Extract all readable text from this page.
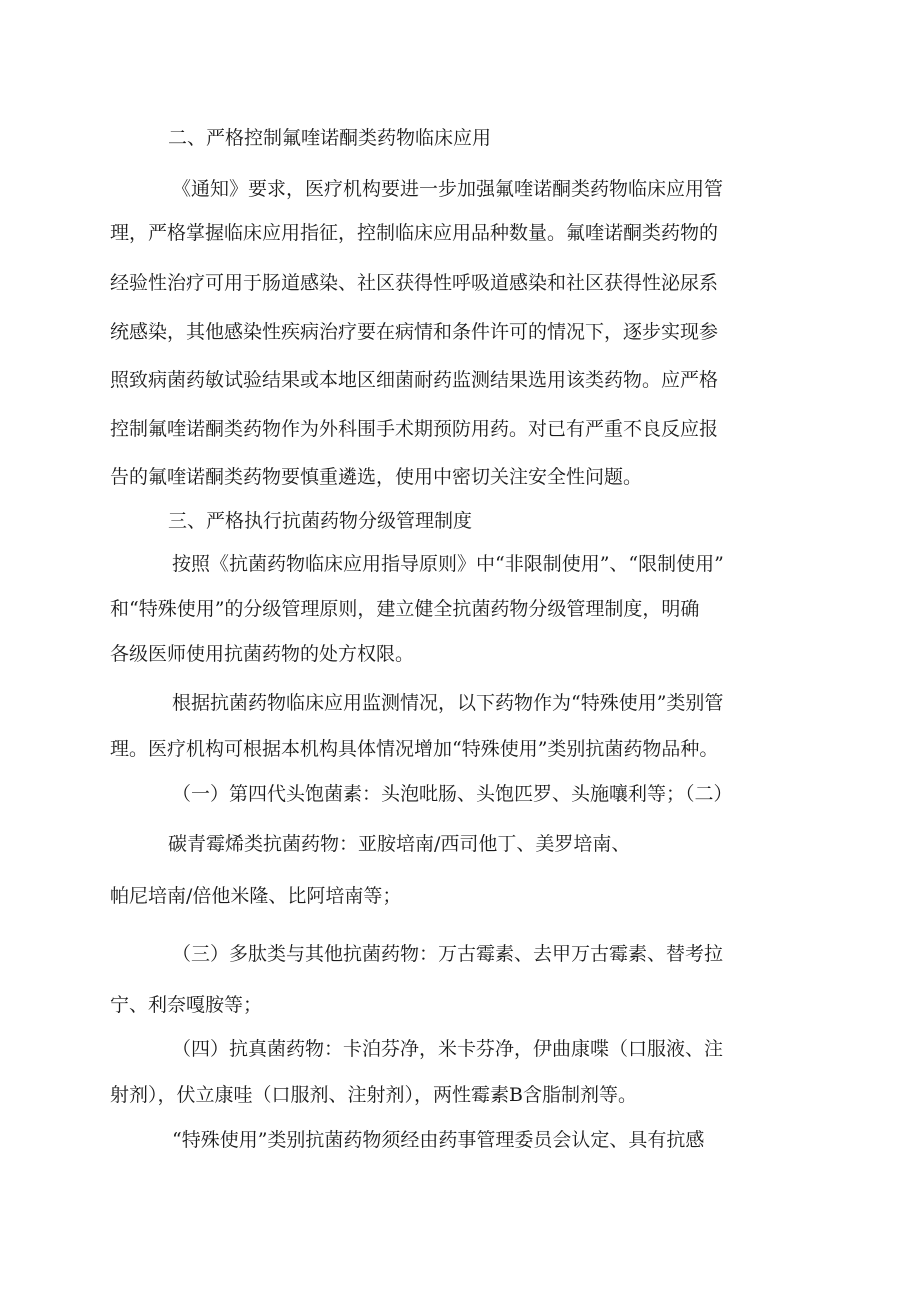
二、严格控制氟喹诺酮类药物临床应用

《通知》要求，医疗机构要进一步加强氟喹诺酮类药物临床应用管

理，严格掌握临床应用指征，控制临床应用品种数量。氟喹诺酮类药物的

经验性治疗可用于肠道感染、社区获得性呼吸道感染和社区获得性泌尿系

统感染，其他感染性疾病治疗要在病情和条件许可的情况下，逐步实现参

照致病菌药敏试验结果或本地区细菌耐药监测结果选用该类药物。应严格

控制氟喹诺酮类药物作为外科围手术期预防用药。对已有严重不良反应报

告的氟喹诺酮类药物要慎重遴选，使用中密切关注安全性问题。

三、严格执行抗菌药物分级管理制度

按照《抗菌药物临床应用指导原则》中“非限制使用”、“限制使用”

和“特殊使用”的分级管理原则，建立健全抗菌药物分级管理制度，明确

各级医师使用抗菌药物的处方权限。

根据抗菌药物临床应用监测情况，以下药物作为“特殊使用”类别管

理。医疗机构可根据本机构具体情况增加“特殊使用”类别抗菌药物品种。

（一）第四代头饱菌素：头泡吡肠、头饱匹罗、头施嚷利等；（二）

碳青霉烯类抗菌药物：亚胺培南/西司他丁、美罗培南、

帕尼培南/倍他米隆、比阿培南等；

（三）多肽类与其他抗菌药物：万古霉素、去甲万古霉素、替考拉

宁、利奈嘎胺等；

（四）抗真菌药物：卡泊芬净，米卡芬净，伊曲康喋（口服液、注

射剂），伏立康哇（口服剂、注射剂），两性霉素B含脂制剂等。

“特殊使用”类别抗菌药物须经由药事管理委员会认定、具有抗感
